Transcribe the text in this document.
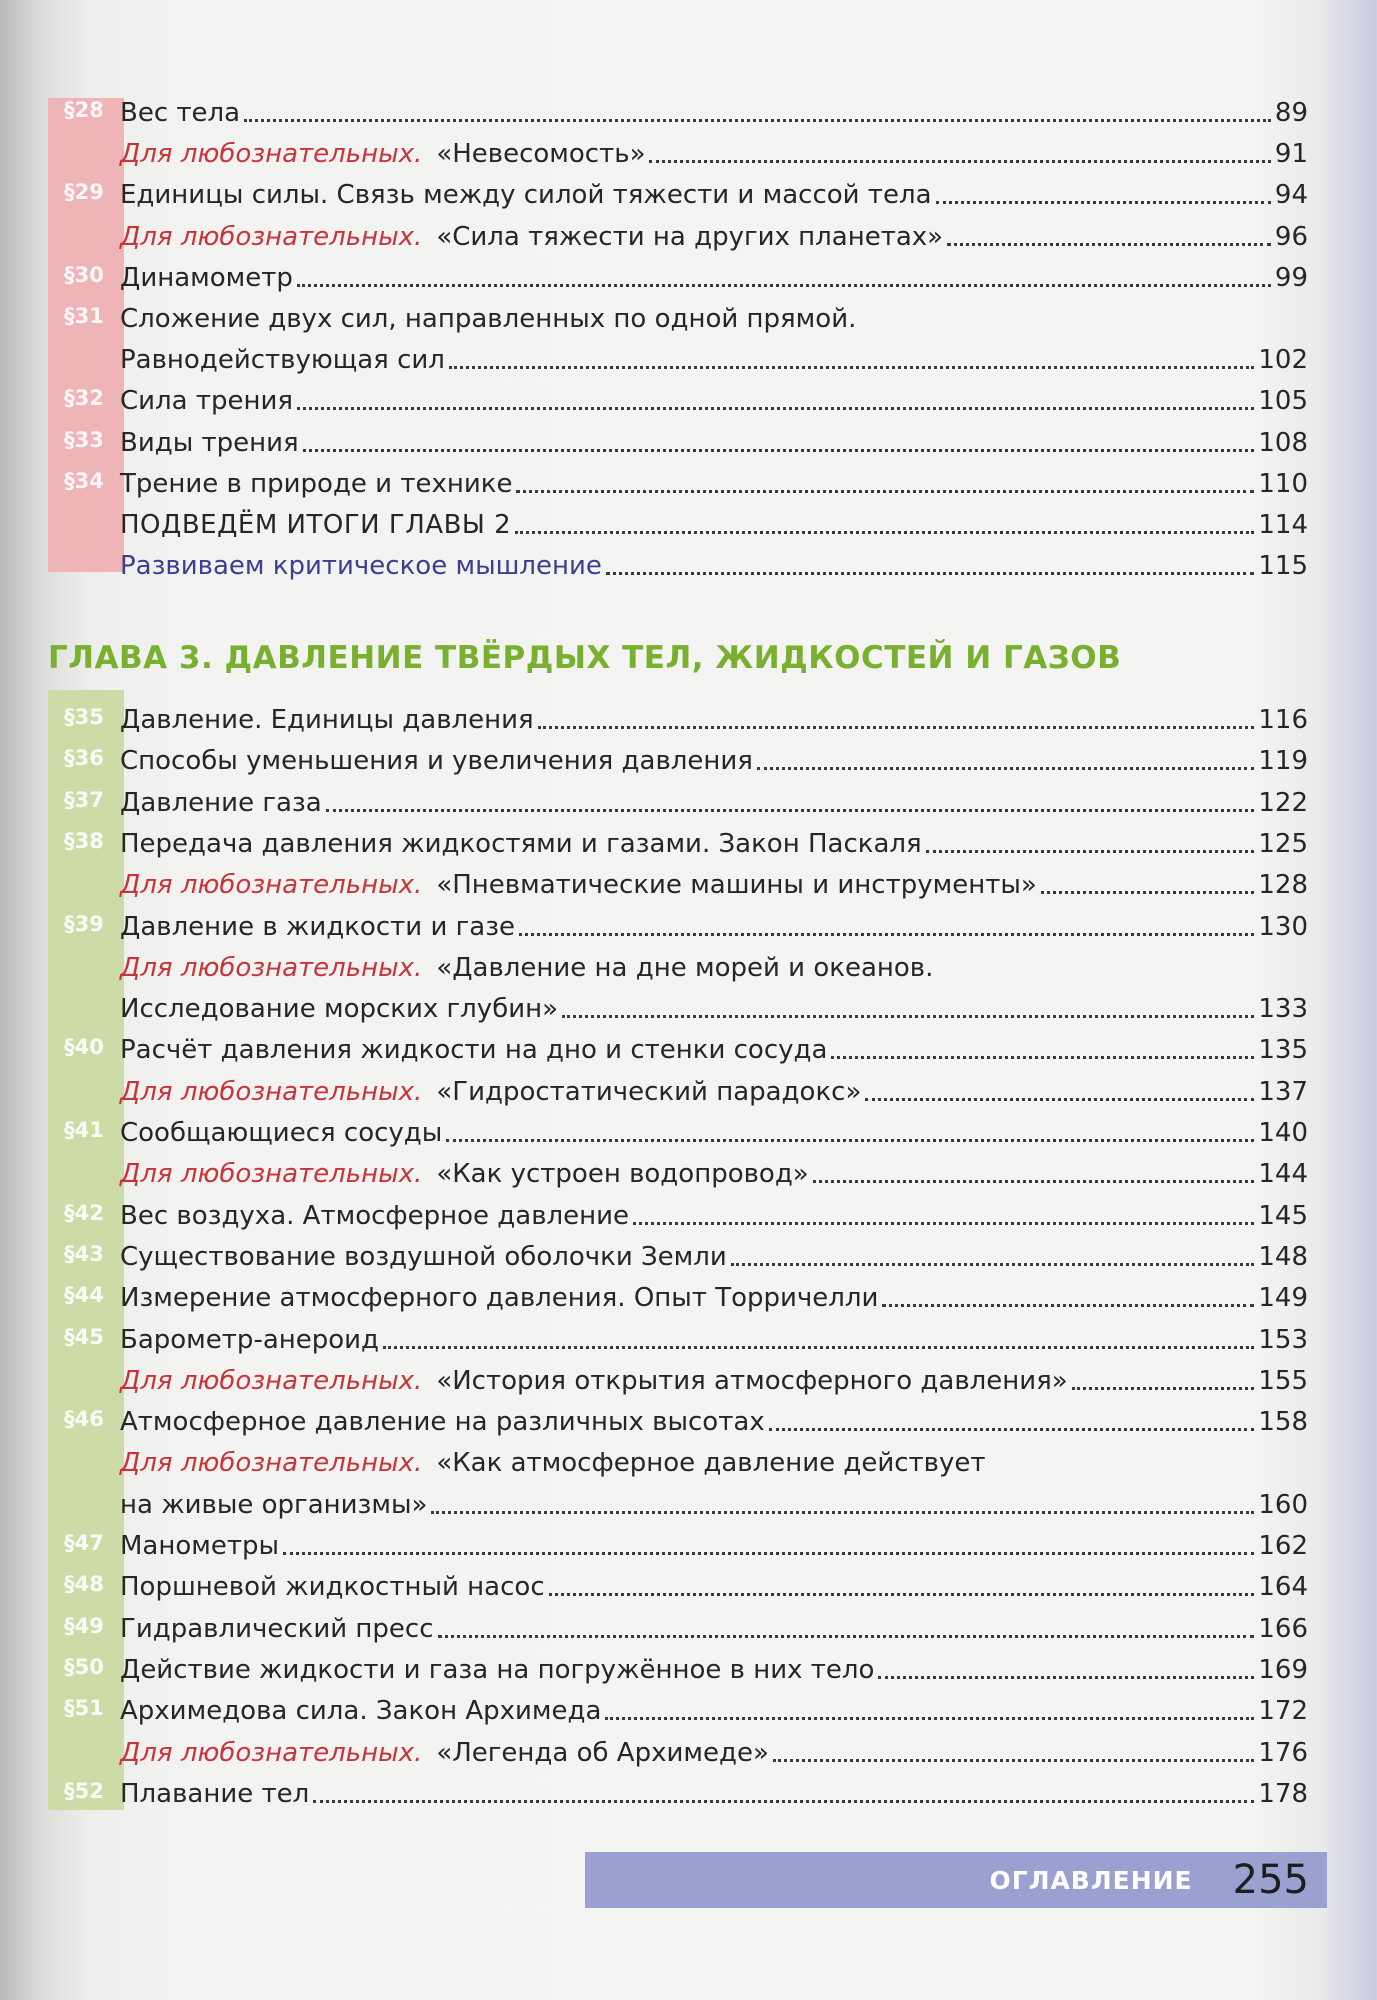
§28 Вес тела	89
Для любознательных. «Невесомость»	91
§29 Единицы силы. Связь между силой тяжести и массой тела	94
Для любознательных. «Сила тяжести на других планетах»	96
§30 Динамометр	99
§31 Сложение двух сил, направленных по одной прямой.
Равнодействующая сил	102
§32 Сила трения	105
§33 Виды трения	108
§34 Трение в природе и технике	110
ПОДВЕДЁМ ИТОГИ ГЛАВЫ 2	114
Развиваем критическое мышление	115
ГЛАВА 3. ДАВЛЕНИЕ ТВЁРДЫХ ТЕЛ, ЖИДКОСТЕЙ И ГАЗОВ
§35 Давление. Единицы давления	116
§36 Способы уменьшения и увеличения давления	119
§37 Давление газа	122
§38 Передача давления жидкостями и газами. Закон Паскаля	125
Для любознательных. «Пневматические машины и инструменты»	128
§39 Давление в жидкости и газе	130
Для любознательных. «Давление на дне морей и океанов.
Исследование морских глубин»	133
§40 Расчёт давления жидкости на дно и стенки сосуда	135
Для любознательных. «Гидростатический парадокс»	137
§41 Сообщающиеся сосуды	140
Для любознательных. «Как устроен водопровод»	144
§42 Вес воздуха. Атмосферное давление	145
§43 Существование воздушной оболочки Земли	148
§44 Измерение атмосферного давления. Опыт Торричелли	149
§45 Барометр-анероид	153
Для любознательных. «История открытия атмосферного давления»	155
§46 Атмосферное давление на различных высотах	158
Для любознательных. «Как атмосферное давление действует
на живые организмы»	160
§47 Манометры	162
§48 Поршневой жидкостный насос	164
§49 Гидравлический пресс	166
§50 Действие жидкости и газа на погружённое в них тело	169
§51 Архимедова сила. Закон Архимеда	172
Для любознательных. «Легенда об Архимеде»	176
§52 Плавание тел	178
ОГЛАВЛЕНИЕ 255
